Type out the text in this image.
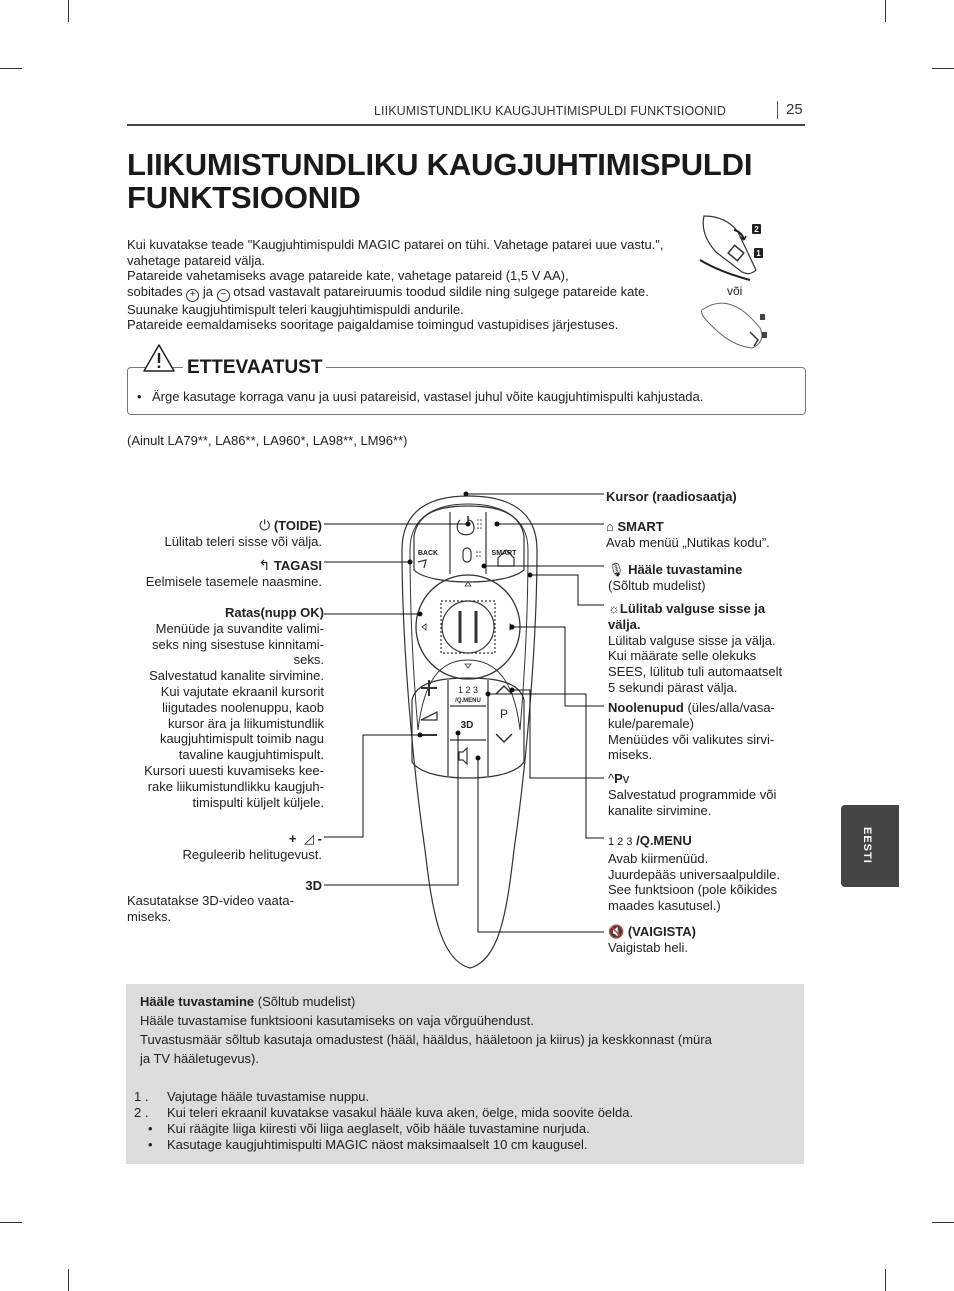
LIIKUMISTUNDLIKU KAUGJUHTIMISPULDI FUNKTSIOONID	25
LIIKUMISTUNDLIKU KAUGJUHTIMISPULDI
FUNKTSIOONID

Kui kuvatakse teade "Kaugjuhtimispuldi MAGIC patarei on tühi. Vahetage patarei uue vastu.", vahetage patareid välja.

Patareide vahetamiseks avage patareide kate, vahetage patareid (1,5 V AA),
sobitades + ja − otsad vastavalt patareiruumis toodud sildile ning sulgege patareide kate. Suunake kaugjuhtimispult teleri kaugjuhtimispuldi andurile.

Patareide eemaldamiseks sooritage paigaldamise toimingud vastupidises järjestuses.

2
1
või
ETTEVAATUST
• Ärge kasutage korraga vanu ja uusi patareisid, vastasel juhul võite kaugjuhtimispulti kahjustada.
(Ainult LA79**, LA86**, LA960*, LA98**, LM96**)
BACK	SMART
1 2 3
/Q.MENU
P
3D
⏻ (TOIDE)
Lülitab teleri sisse või välja.
↰ TAGASI
Eelmisele tasemele naasmine.
Ratas(nupp OK)
Menüüde ja suvandite valimi-
seks ning sisestuse kinnitami-
seks.
Salvestatud kanalite sirvimine.
Kui vajutate ekraanil kursorit
liigutades noolenuppu, kaob
kursor ära ja liikumistundlik
kaugjuhtimispult toimib nagu
tavaline kaugjuhtimispult.
Kursori uuesti kuvamiseks kee-
rake liikumistundlikku kaugjuh-
timispulti küljelt küljele.
+ ◿ -
Reguleerib helitugevust.
3D
Kasutatakse 3D-video vaata-
miseks.
Kursor (raadiosaatja)
⌂ SMART
Avab menüü „Nutikas kodu”.
🎙 Hääle tuvastamine
(Sõltub mudelist)
☼Lülitab valguse sisse ja
välja.
Lülitab valguse sisse ja välja.
Kui määrate selle olekuks
SEES, lülitub tuli automaatselt
5 sekundi pärast välja.
Noolenupud (üles/alla/vasa-
kule/paremale)
Menüüdes või valikutes sirvi-
miseks.
^Pv
Salvestatud programmide või
kanalite sirvimine.
1 2 3 /Q.MENU
Avab kiirmenüüd.
Juurdepääs universaalpuldile.
See funktsioon (pole kõikides
maades kasutusel.)
🔇 (VAIGISTA)
Vaigistab heli.
EESTI
Hääle tuvastamine (Sõltub mudelist)
Hääle tuvastamise funktsiooni kasutamiseks on vaja võrguühendust.
Tuvastusmäär sõltub kasutaja omadustest (hääl, hääldus, hääletoon ja kiirus) ja keskkonnast (müra
ja TV hääletugevus).
1 . Vajutage hääle tuvastamise nuppu.
2 . Kui teleri ekraanil kuvatakse vasakul hääle kuva aken, öelge, mida soovite öelda.
• Kui räägite liiga kiiresti või liiga aeglaselt, võib hääle tuvastamine nurjuda.
• Kasutage kaugjuhtimispulti MAGIC näost maksimaalselt 10 cm kaugusel.
